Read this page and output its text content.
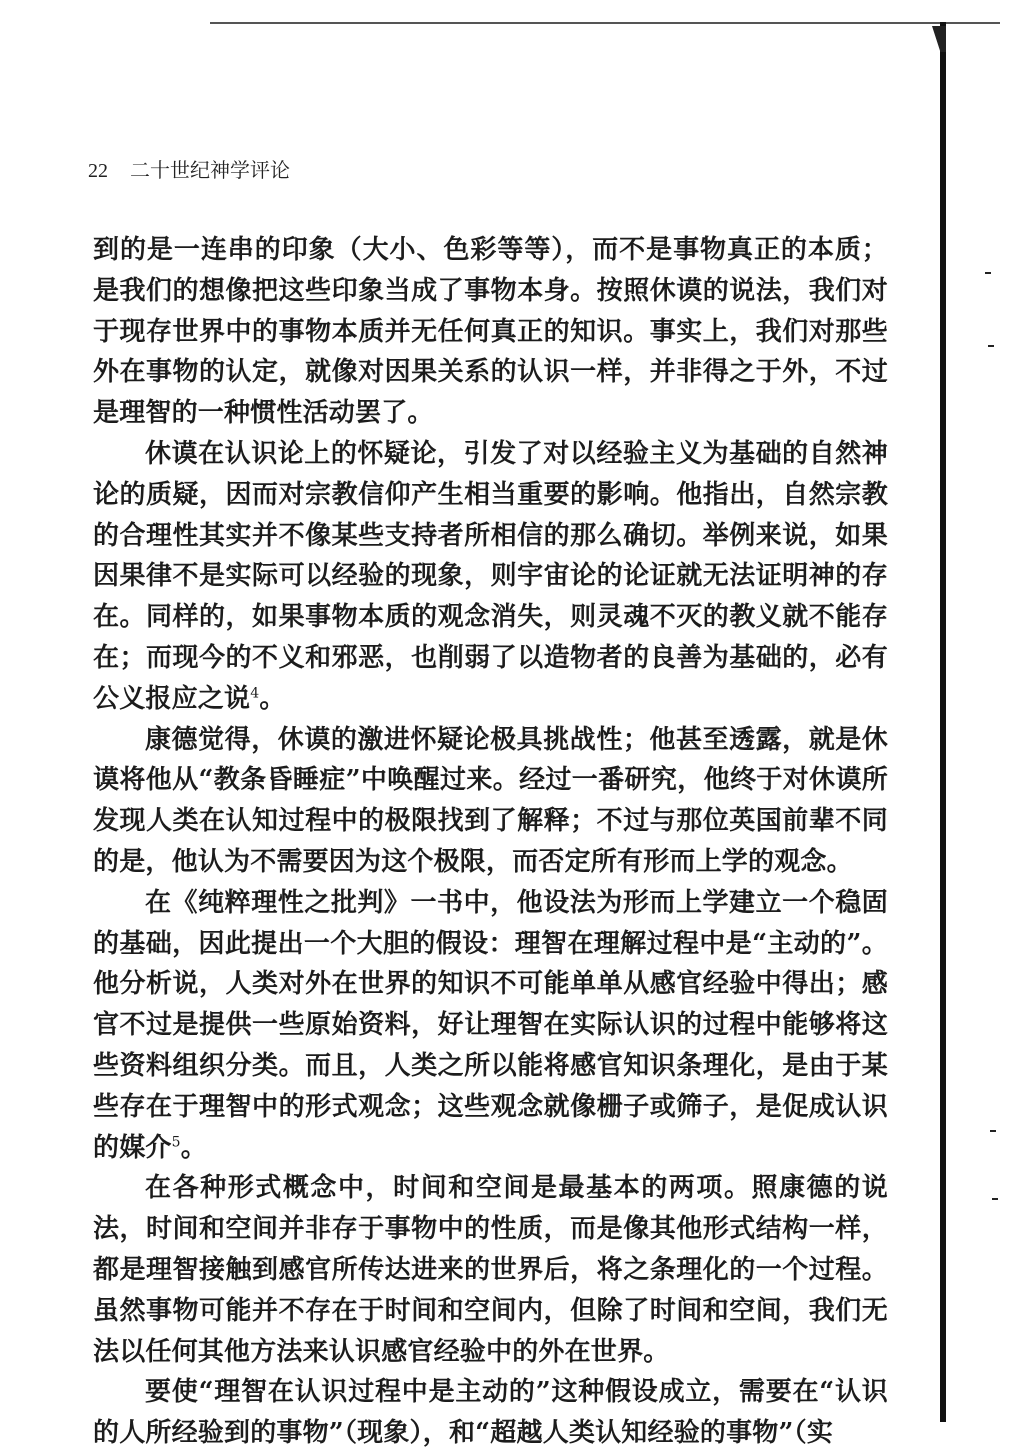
22 二十世纪神学评论

到的是一连串的印象（大小、色彩等等），而不是事物真正的本质；是我们的想像把这些印象当成了事物本身。按照休谟的说法，我们对于现存世界中的事物本质并无任何真正的知识。事实上，我们对那些外在事物的认定，就像对因果关系的认识一样，并非得之于外，不过是理智的一种惯性活动罢了。

休谟在认识论上的怀疑论，引发了对以经验主义为基础的自然神论的质疑，因而对宗教信仰产生相当重要的影响。他指出，自然宗教的合理性其实并不像某些支持者所相信的那么确切。举例来说，如果因果律不是实际可以经验的现象，则宇宙论的论证就无法证明神的存在。同样的，如果事物本质的观念消失，则灵魂不灭的教义就不能存在；而现今的不义和邪恶，也削弱了以造物者的良善为基础的，必有公义报应之说$^4$。

康德觉得，休谟的激进怀疑论极具挑战性；他甚至透露，就是休谟将他从“教条昏睡症”中唤醒过来。经过一番研究，他终于对休谟所发现人类在认知过程中的极限找到了解释；不过与那位英国前辈不同的是，他认为不需要因为这个极限，而否定所有形而上学的观念。

在《纯粹理性之批判》一书中，他设法为形而上学建立一个稳固的基础，因此提出一个大胆的假设：理智在理解过程中是“主动的”。他分析说，人类对外在世界的知识不可能单单从感官经验中得出；感官不过是提供一些原始资料，好让理智在实际认识的过程中能够将这些资料组织分类。而且，人类之所以能将感官知识条理化，是由于某些存在于理智中的形式观念；这些观念就像栅子或筛子，是促成认识的媒介$^5$。

在各种形式概念中，时间和空间是最基本的两项。照康德的说法，时间和空间并非存于事物中的性质，而是像其他形式结构一样，都是理智接触到感官所传达进来的世界后，将之条理化的一个过程。虽然事物可能并不存在于时间和空间内，但除了时间和空间，我们无法以任何其他方法来认识感官经验中的外在世界。

要使“理智在认识过程中是主动的”这种假设成立，需要在“认识的人所经验到的事物”（现象），和“超越人类认知经验的事物”（实
